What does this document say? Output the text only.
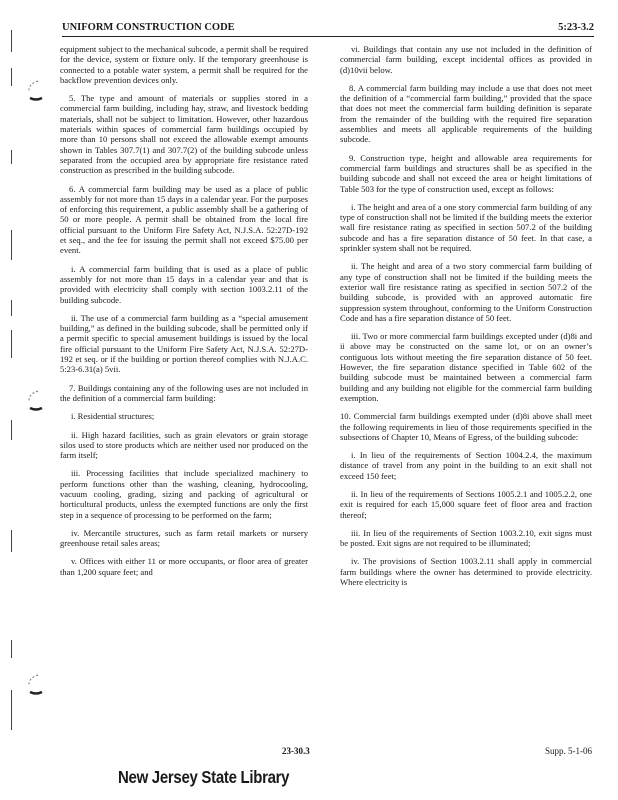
UNIFORM CONSTRUCTION CODE	5:23-3.2

equipment subject to the mechanical subcode, a permit shall be required for the device, system or fixture only. If the temporary greenhouse is connected to a potable water system, a permit shall be required for the backflow prevention devices only.

5. The type and amount of materials or supplies stored in a commercial farm building, including hay, straw, and livestock bedding materials, shall not be subject to limitation. However, other hazardous materials within spaces of commercial farm buildings occupied by more than 10 persons shall not exceed the allowable exempt amounts shown in Tables 307.7(1) and 307.7(2) of the building subcode unless separated from the occupied area by appropriate fire resistance rated construction as prescribed in the building subcode.

6. A commercial farm building may be used as a place of public assembly for not more than 15 days in a calendar year. For the purposes of enforcing this requirement, a public assembly shall be a gathering of 50 or more people. A permit shall be obtained from the local fire official pursuant to the Uniform Fire Safety Act, N.J.S.A. 52:27D-192 et seq., and the fee for issuing the permit shall not exceed $75.00 per event.

i. A commercial farm building that is used as a place of public assembly for not more than 15 days in a calendar year and that is provided with electricity shall comply with section 1003.2.11 of the building subcode.

ii. The use of a commercial farm building as a “special amusement building,” as defined in the building subcode, shall be permitted only if a permit specific to special amusement buildings is issued by the local fire official pursuant to the Uniform Fire Safety Act, N.J.S.A. 52:27D-192 et seq. or if the building or portion thereof complies with N.J.A.C. 5:23-6.31(a) 5vii.

7. Buildings containing any of the following uses are not included in the definition of a commercial farm building:

i. Residential structures;

ii. High hazard facilities, such as grain elevators or grain storage silos used to store products which are neither used nor produced on the farm itself;

iii. Processing facilities that include specialized machinery to perform functions other than the washing, cleaning, hydrocooling, vacuum cooling, grading, sizing and packing of agricultural or horticultural products, unless the exempted functions are only the first step in a sequence of processing to be performed on the farm;

iv. Mercantile structures, such as farm retail markets or nursery greenhouse retail sales areas;

v. Offices with either 11 or more occupants, or floor area of greater than 1,200 square feet; and

vi. Buildings that contain any use not included in the definition of commercial farm building, except incidental offices as provided in (d)10vii below.

8. A commercial farm building may include a use that does not meet the definition of a “commercial farm building,” provided that the space that does not meet the commercial farm building definition is separate from the remainder of the building with the required fire separation assemblies and meets all applicable requirements of the building subcode.

9. Construction type, height and allowable area requirements for commercial farm buildings and structures shall be as specified in the building subcode and shall not exceed the area or height limitations of Table 503 for the type of construction used, except as follows:

i. The height and area of a one story commercial farm building of any type of construction shall not be limited if the building meets the exterior wall fire resistance rating as specified in section 507.2 of the building subcode and has a fire separation distance of 50 feet. In that case, a sprinkler system shall not be required.

ii. The height and area of a two story commercial farm building of any type of construction shall not be limited if the building meets the exterior wall fire resistance rating as specified in section 507.2 of the building subcode, is provided with an approved automatic fire suppression system throughout, conforming to the Uniform Construction Code and has a fire separation distance of 50 feet.

iii. Two or more commercial farm buildings excepted under (d)8i and ii above may be constructed on the same lot, or on an owner’s contiguous lots without meeting the fire separation distance of 50 feet. However, the fire separation distance specified in Table 602 of the building subcode must be maintained between a commercial farm building and any building not eligible for the commercial farm building exemption.

10. Commercial farm buildings exempted under (d)8i above shall meet the following requirements in lieu of those requirements specified in the subsections of Chapter 10, Means of Egress, of the building subcode:

i. In lieu of the requirements of Section 1004.2.4, the maximum distance of travel from any point in the building to an exit shall not exceed 150 feet;

ii. In lieu of the requirements of Sections 1005.2.1 and 1005.2.2, one exit is required for each 15,000 square feet of floor area and fraction thereof;

iii. In lieu of the requirements of Section 1003.2.10, exit signs must be posted. Exit signs are not required to be illuminated;

iv. The provisions of Section 1003.2.11 shall apply in commercial farm buildings where the owner has determined to provide electricity. Where electricity is

23-30.3	Supp. 5-1-06
New Jersey State Library
